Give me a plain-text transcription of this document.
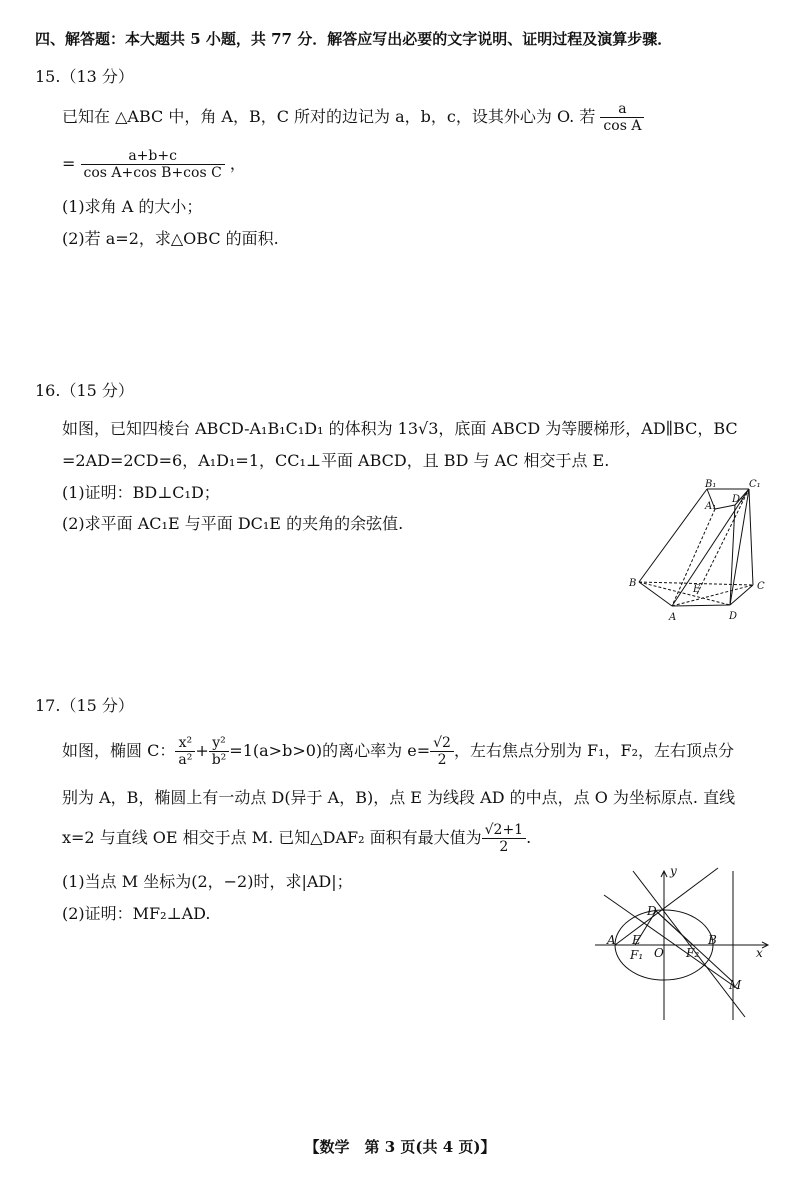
四、解答题：本大题共 5 小题，共 77 分．解答应写出必要的文字说明、证明过程及演算步骤．
15.（13 分）
已知在 △ABC 中，角 A，B，C 所对的边记为 a，b，c，设其外心为 O. 若 $\frac{a}{\text{cos A}}$
= $\frac{a+b+c}{\text{cos A+cos B+cos C}}$ ，
(1)求角 A 的大小；
(2)若 a=2，求△OBC 的面积.
16.（15 分）
如图，已知四棱台 ABCD-A₁B₁C₁D₁ 的体积为 13√3，底面 ABCD 为等腰梯形，AD∥BC，BC
=2AD=2CD=6，A₁D₁=1，CC₁⊥平面 ABCD，且 BD 与 AC 相交于点 E.
(1)证明：BD⊥C₁D；
(2)求平面 AC₁E 与平面 DC₁E 的夹角的余弦值.
B₁	C₁
D₁
A₁
B	C
E
A	D
17.（15 分）
如图，椭圆 C： $\frac{\text{x²}}{\text{a²}} + \frac{\text{y²}}{\text{b²}} =1(a>b>0)$的离心率为 $e= \frac{√2}{2}$ ，左右焦点分别为 F₁，F₂，左右顶点分
别为 A，B，椭圆上有一动点 D(异于 A，B)，点 E 为线段 AD 的中点，点 O 为坐标原点. 直线
x=2 与直线 OE 相交于点 M. 已知△DAF₂ 面积有最大值为 $\frac{√2+1}{2}$ .
(1)当点 M 坐标为(2，−2)时，求|AD|；
(2)证明：MF₂⊥AD.
y
D
A E	B
x
F₁ O F₂
M
【数学　第 3 页(共 4 页)】
